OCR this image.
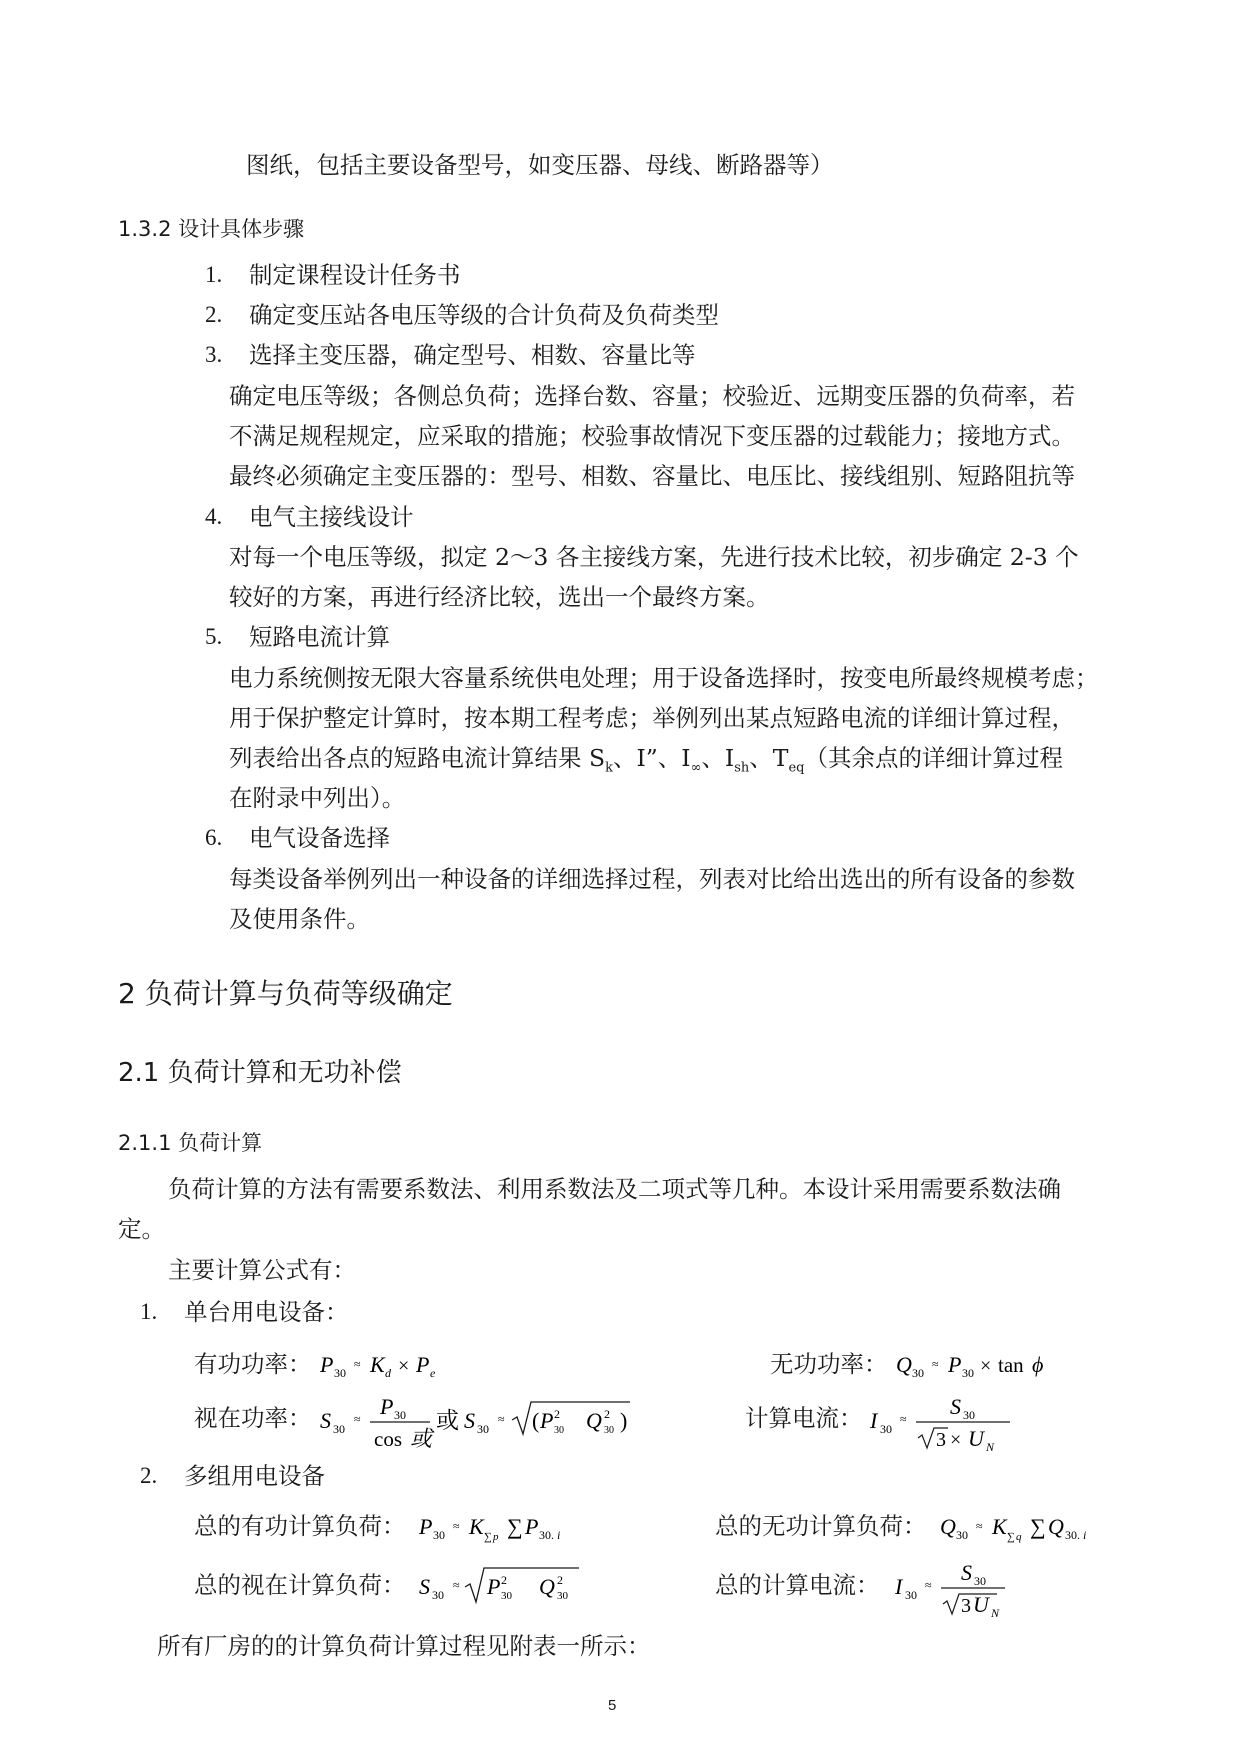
图纸，包括主要设备型号，如变压器、母线、断路器等）
1.3.2 设计具体步骤
1. 制定课程设计任务书
2. 确定变压站各电压等级的合计负荷及负荷类型
3. 选择主变压器，确定型号、相数、容量比等
确定电压等级；各侧总负荷；选择台数、容量；校验近、远期变压器的负荷率，若
不满足规程规定，应采取的措施；校验事故情况下变压器的过载能力；接地方式。
最终必须确定主变压器的：型号、相数、容量比、电压比、接线组别、短路阻抗等
4. 电气主接线设计
对每一个电压等级，拟定 2～3 各主接线方案，先进行技术比较，初步确定 2-3 个
较好的方案，再进行经济比较，选出一个最终方案。
5. 短路电流计算
电力系统侧按无限大容量系统供电处理；用于设备选择时，按变电所最终规模考虑；
用于保护整定计算时，按本期工程考虑；举例列出某点短路电流的详细计算过程，
列表给出各点的短路电流计算结果 $S_k$、I”、$I_\infty$、$I_{sh}$、$T_{eq}$（其余点的详细计算过程
在附录中列出）。
6. 电气设备选择
每类设备举例列出一种设备的详细选择过程，列表对比给出选出的所有设备的参数
及使用条件。
2 负荷计算与负荷等级确定
2.1 负荷计算和无功补偿
2.1.1 负荷计算
负荷计算的方法有需要系数法、利用系数法及二项式等几种。本设计采用需要系数法确
定。
主要计算公式有：
1. 单台用电设备：
有功功率： P 30
≈ K d × P e	无功功率： Q 30
≈ P 30 × tan ϕ
视在功率： S 30
≈ P 30
cos 或
或 S 30
≈ ( P 2
30 Q 2
30 )	计算电流： I 30
≈ S 30
3 × U N
2. 多组用电设备
总的有功计算负荷： P 30
≈ K ∑ p ∑ P 30. i	总的无功计算负荷： Q 30
≈ K ∑ q ∑ Q 30. i
总的视在计算负荷： S 30
≈ P 2
30 Q 2
30	总的计算电流： I 30
≈ S 30
3 U N
所有厂房的的计算负荷计算过程见附表一所示：
5
